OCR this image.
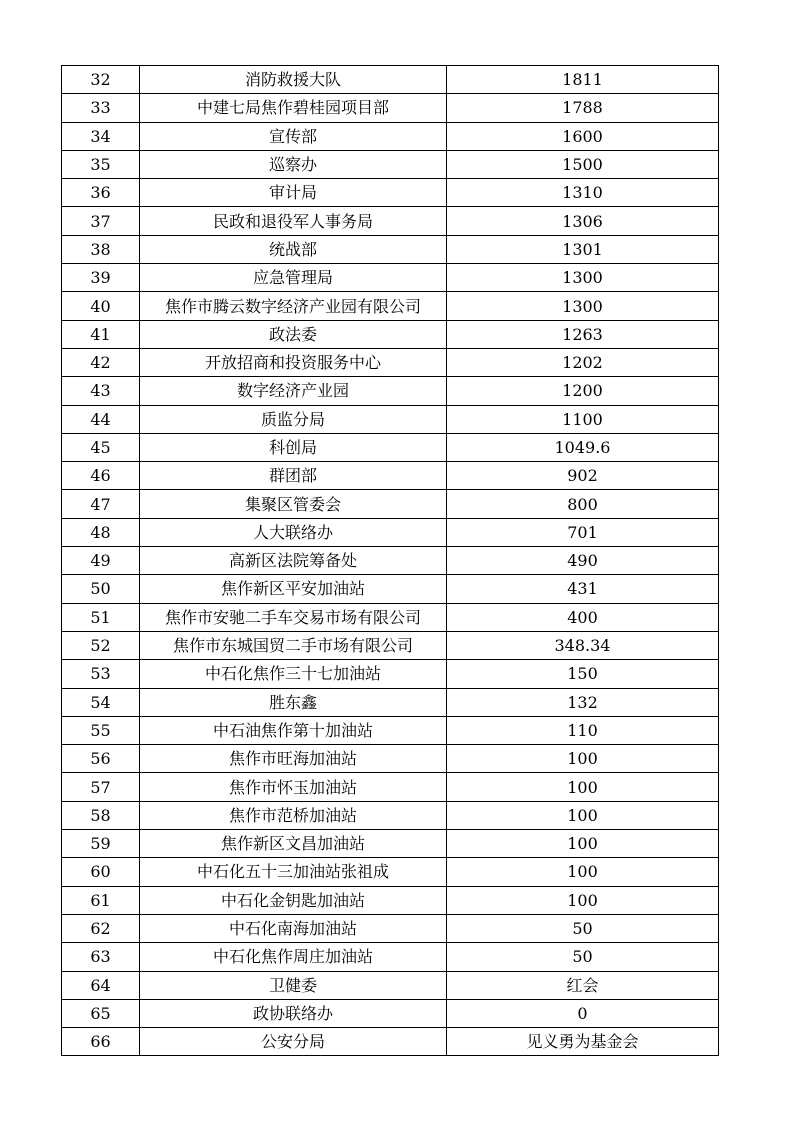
32	消防救援大队	1811
33	中建七局焦作碧桂园项目部	1788
34	宣传部	1600
35	巡察办	1500
36	审计局	1310
37	民政和退役军人事务局	1306
38	统战部	1301
39	应急管理局	1300
40	焦作市腾云数字经济产业园有限公司	1300
41	政法委	1263
42	开放招商和投资服务中心	1202
43	数字经济产业园	1200
44	质监分局	1100
45	科创局	1049.6
46	群团部	902
47	集聚区管委会	800
48	人大联络办	701
49	高新区法院筹备处	490
50	焦作新区平安加油站	431
51	焦作市安驰二手车交易市场有限公司	400
52	焦作市东城国贸二手市场有限公司	348.34
53	中石化焦作三十七加油站	150
54	胜东鑫	132
55	中石油焦作第十加油站	110
56	焦作市旺海加油站	100
57	焦作市怀玉加油站	100
58	焦作市范桥加油站	100
59	焦作新区文昌加油站	100
60	中石化五十三加油站张祖成	100
61	中石化金钥匙加油站	100
62	中石化南海加油站	50
63	中石化焦作周庄加油站	50
64	卫健委	红会
65	政协联络办	0
66	公安分局	见义勇为基金会
